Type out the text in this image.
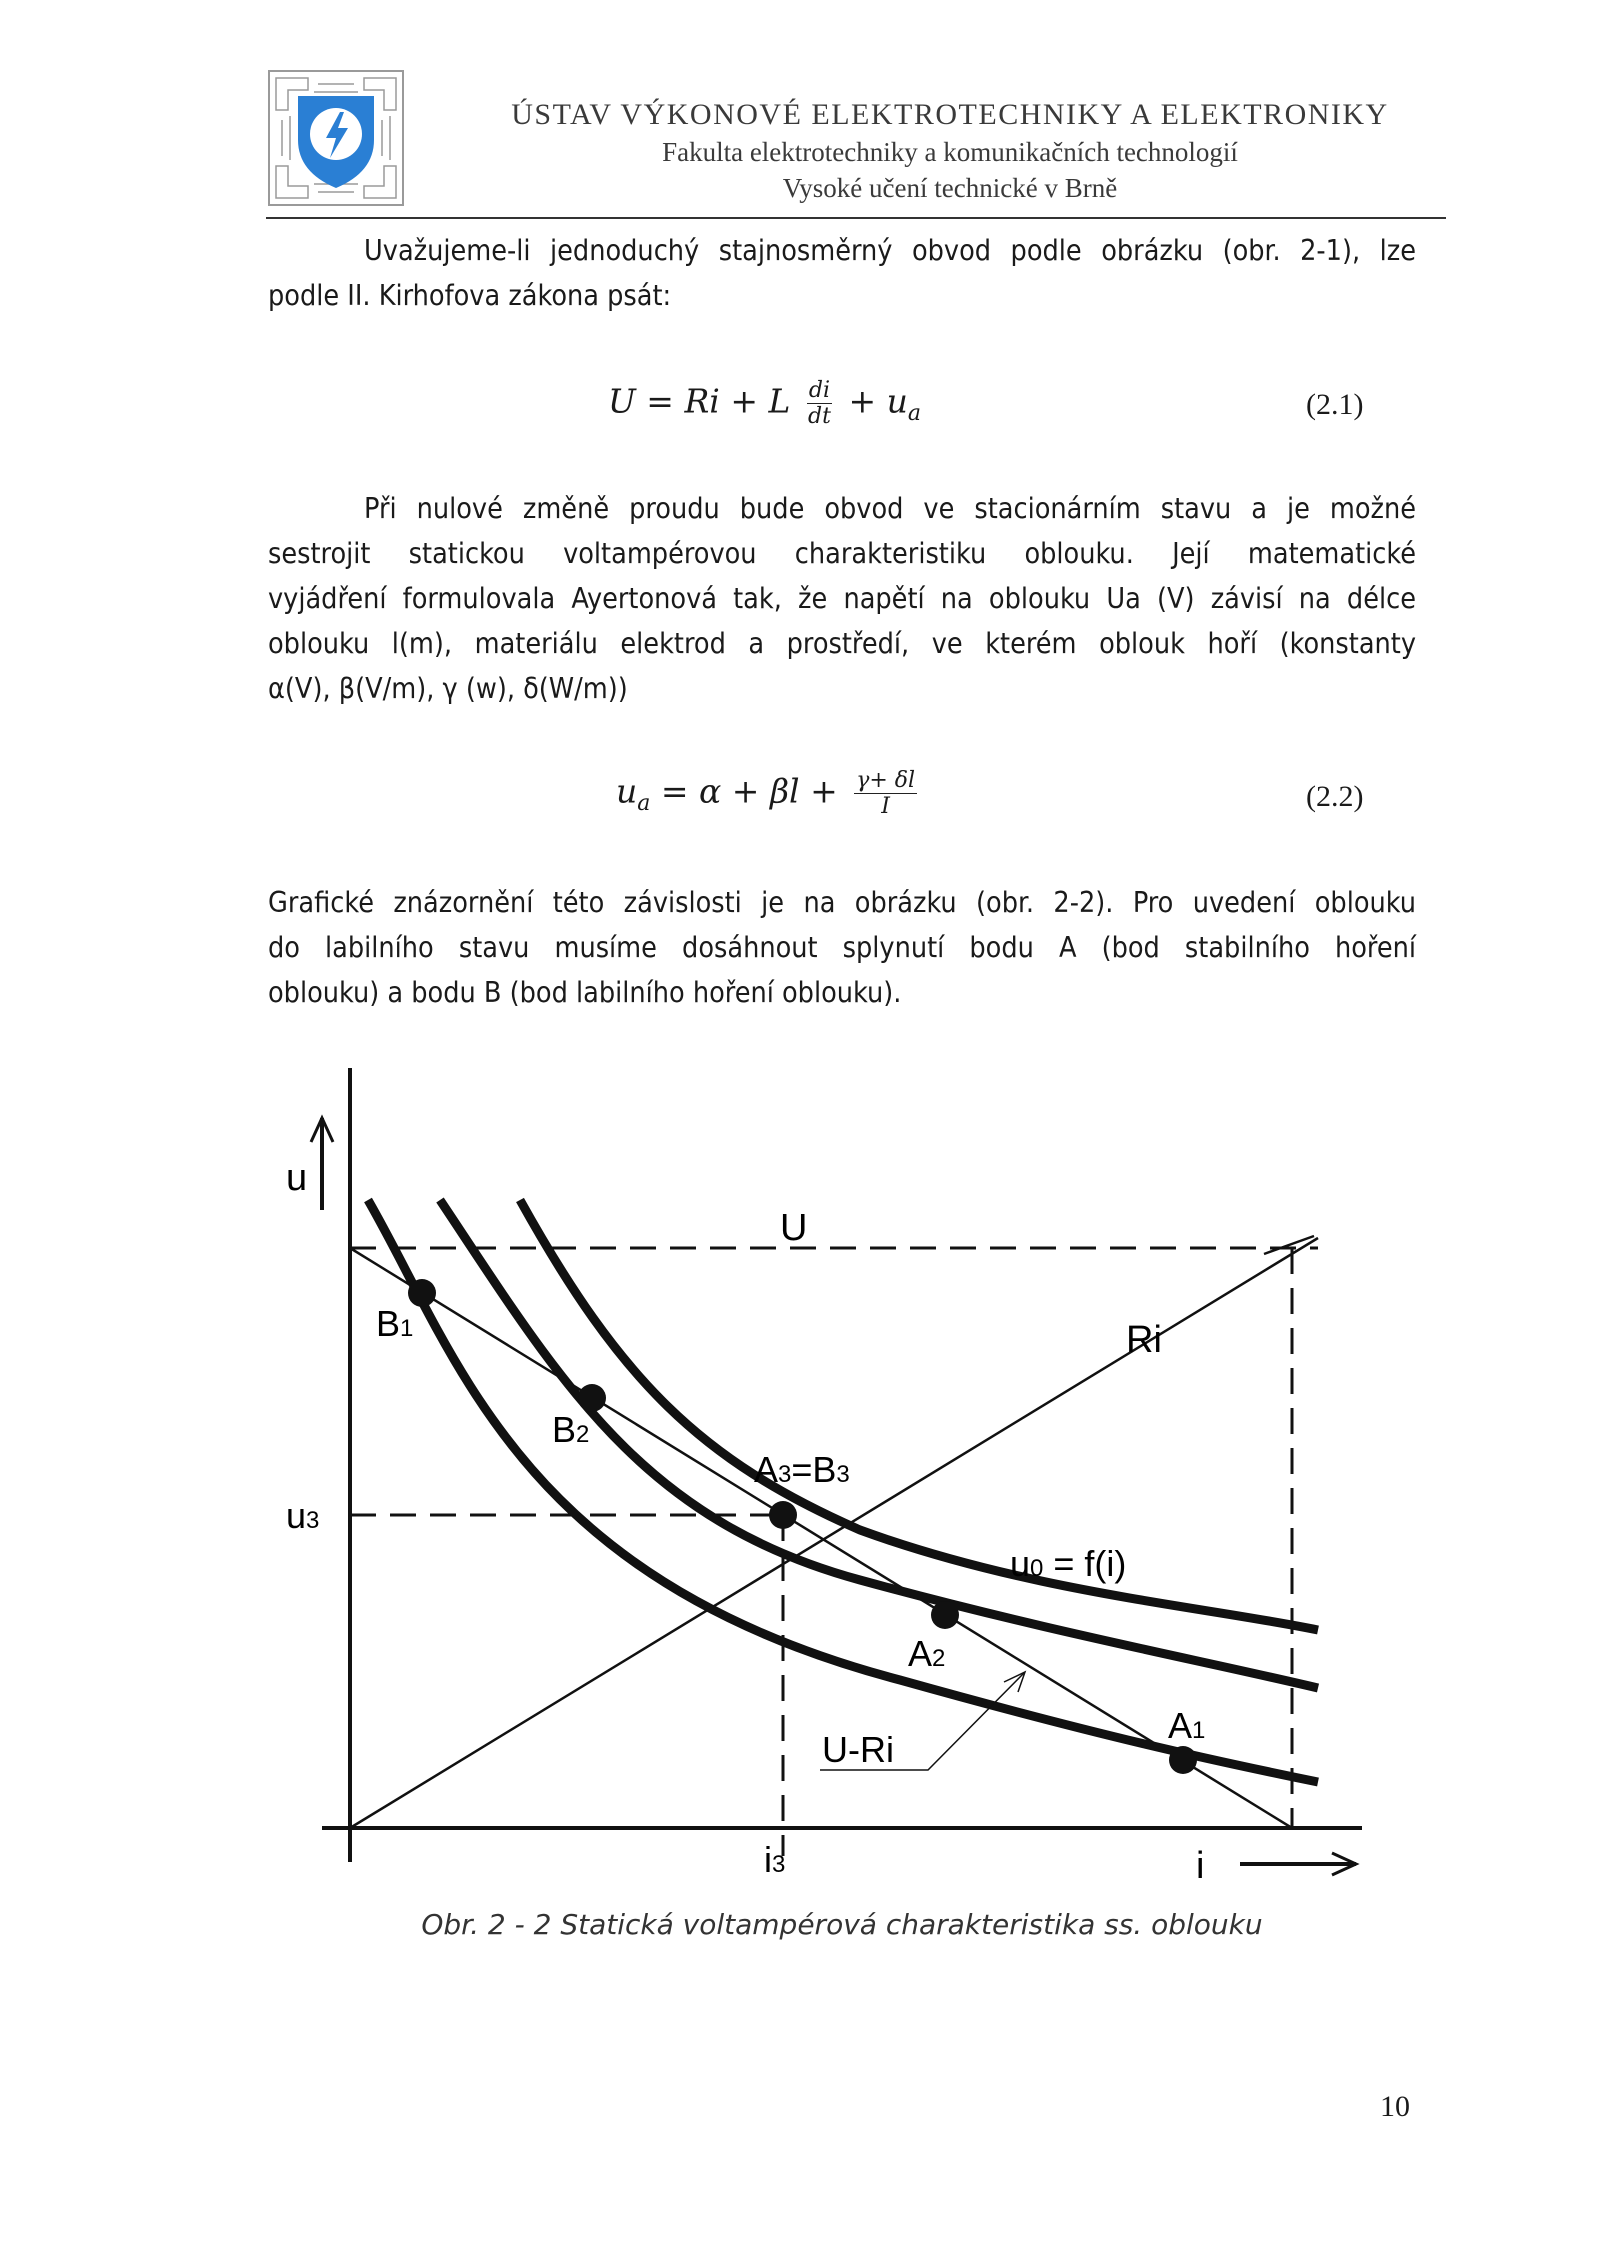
ÚSTAV VÝKONOVÉ ELEKTROTECHNIKY A ELEKTRONIKY
Fakulta elektrotechniky a komunikačních technologií
Vysoké učení technické v Brně
Uvažujeme-li jednoduchý stajnosměrný obvod podle obrázku (obr. 2-1), lze
podle II. Kirhofova zákona psát:
U = Ri + L $\frac{di}{dt} + u_a$	(2.1)
Při nulové změně proudu bude obvod ve stacionárním stavu a je možné
sestrojit statickou voltampérovou charakteristiku oblouku. Její matematické
vyjádření formulovala Ayertonová tak, že napětí na oblouku Ua (V) závisí na délce
oblouku l(m), materiálu elektrod a prostředí, ve kterém oblouk hoří (konstanty
α(V), β(V/m), γ (w), δ(W/m))
$u_a = \alpha + \beta l + \frac{\gamma+ \delta l}{I}$	(2.2)
Grafické znázornění této závislosti je na obrázku (obr. 2-2). Pro uvedení oblouku
do labilního stavu musíme dosáhnout splynutí bodu A (bod stabilního hoření
oblouku) a bodu B (bod labilního hoření oblouku).
u
i
U
Ri
u3
i3
u0 = f(i)
U-Ri
B1
B2
A3=B3
A2
A1
Obr. 2 - 2 Statická voltampérová charakteristika ss. oblouku
10
